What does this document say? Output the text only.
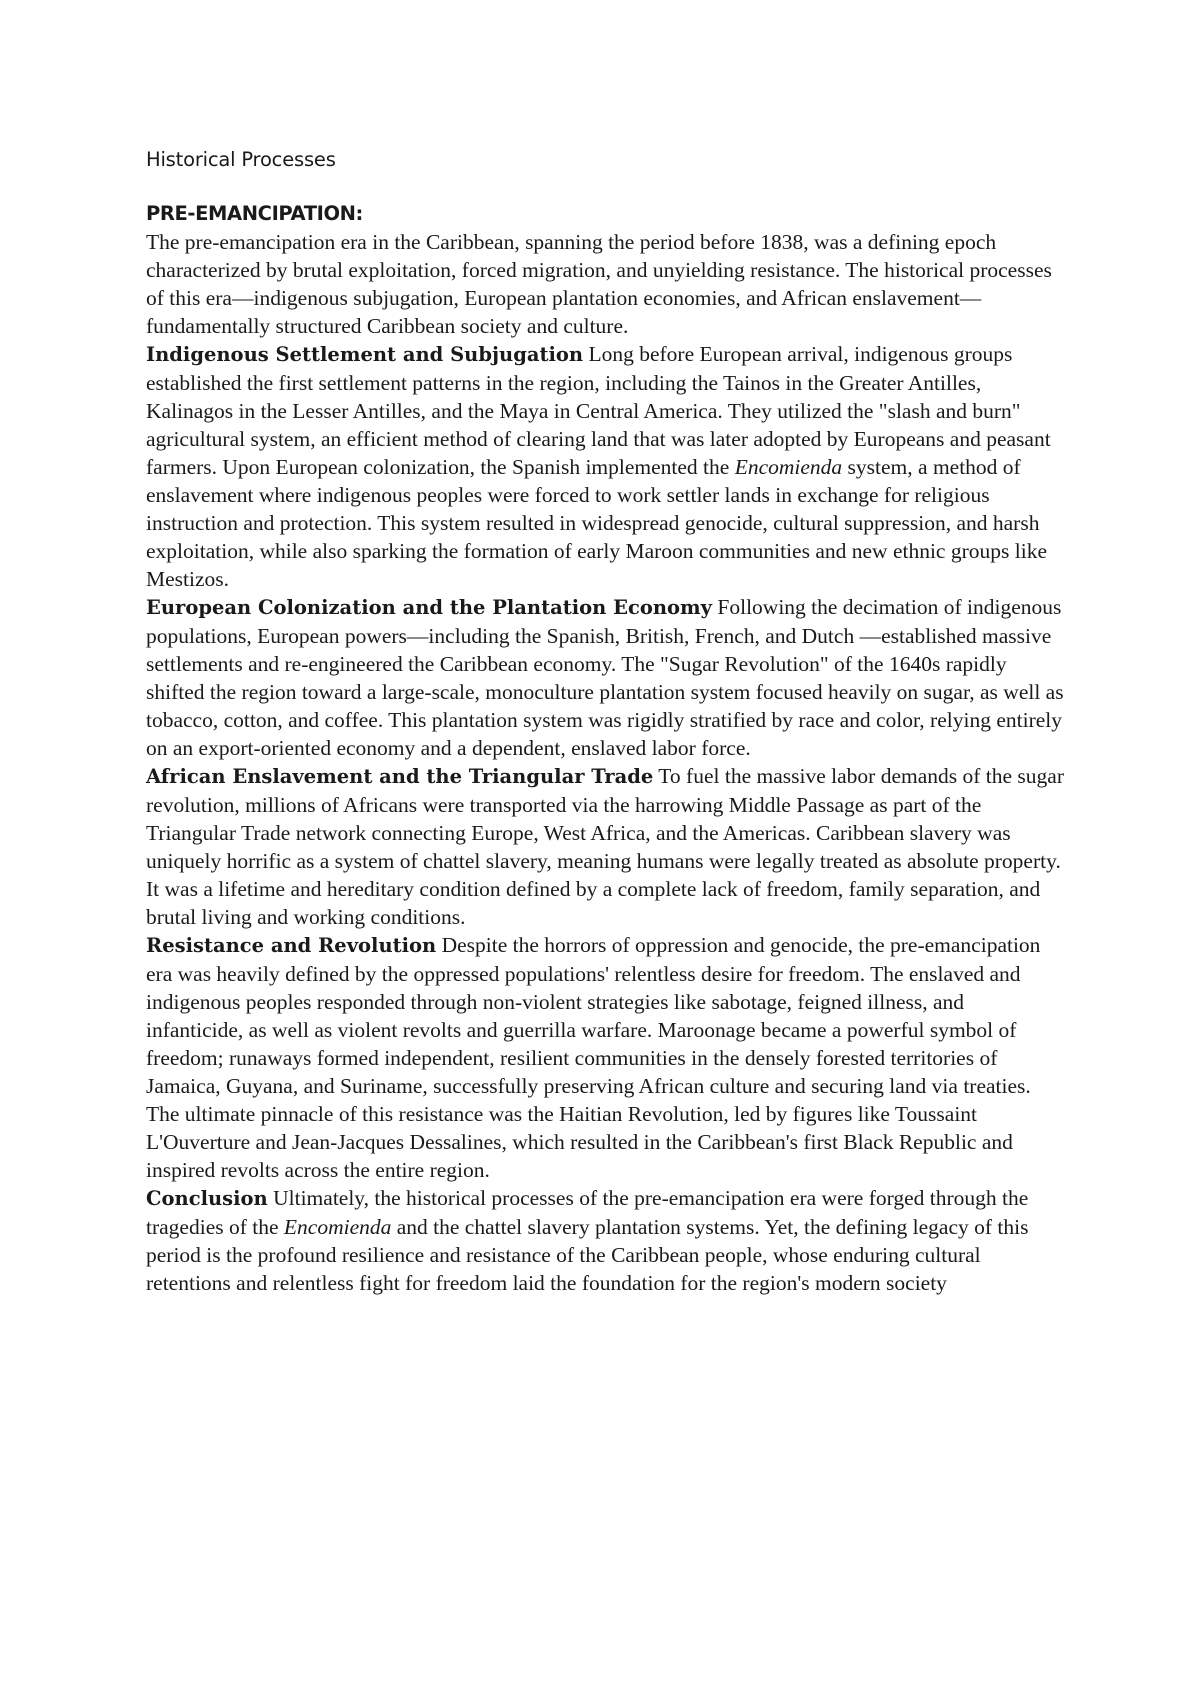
Historical Processes

PRE-EMANCIPATION:

The pre-emancipation era in the Caribbean, spanning the period before 1838, was a defining epoch characterized by brutal exploitation, forced migration, and unyielding resistance. The historical processes of this era—indigenous subjugation, European plantation economies, and African enslavement—fundamentally structured Caribbean society and culture.

Indigenous Settlement and Subjugation Long before European arrival, indigenous groups established the first settlement patterns in the region, including the Tainos in the Greater Antilles, Kalinagos in the Lesser Antilles, and the Maya in Central America. They utilized the "slash and burn" agricultural system, an efficient method of clearing land that was later adopted by Europeans and peasant farmers. Upon European colonization, the Spanish implemented the Encomienda system, a method of enslavement where indigenous peoples were forced to work settler lands in exchange for religious instruction and protection. This system resulted in widespread genocide, cultural suppression, and harsh exploitation, while also sparking the formation of early Maroon communities and new ethnic groups like Mestizos.

European Colonization and the Plantation Economy Following the decimation of indigenous populations, European powers—including the Spanish, British, French, and Dutch —established massive settlements and re-engineered the Caribbean economy. The "Sugar Revolution" of the 1640s rapidly shifted the region toward a large-scale, monoculture plantation system focused heavily on sugar, as well as tobacco, cotton, and coffee. This plantation system was rigidly stratified by race and color, relying entirely on an export-oriented economy and a dependent, enslaved labor force.

African Enslavement and the Triangular Trade To fuel the massive labor demands of the sugar revolution, millions of Africans were transported via the harrowing Middle Passage as part of the Triangular Trade network connecting Europe, West Africa, and the Americas. Caribbean slavery was uniquely horrific as a system of chattel slavery, meaning humans were legally treated as absolute property. It was a lifetime and hereditary condition defined by a complete lack of freedom, family separation, and brutal living and working conditions.

Resistance and Revolution Despite the horrors of oppression and genocide, the pre-emancipation era was heavily defined by the oppressed populations' relentless desire for freedom. The enslaved and indigenous peoples responded through non-violent strategies like sabotage, feigned illness, and infanticide, as well as violent revolts and guerrilla warfare. Maroonage became a powerful symbol of freedom; runaways formed independent, resilient communities in the densely forested territories of Jamaica, Guyana, and Suriname, successfully preserving African culture and securing land via treaties. The ultimate pinnacle of this resistance was the Haitian Revolution, led by figures like Toussaint L'Ouverture and Jean-Jacques Dessalines, which resulted in the Caribbean's first Black Republic and inspired revolts across the entire region.

Conclusion Ultimately, the historical processes of the pre-emancipation era were forged through the tragedies of the Encomienda and the chattel slavery plantation systems. Yet, the defining legacy of this period is the profound resilience and resistance of the Caribbean people, whose enduring cultural retentions and relentless fight for freedom laid the foundation for the region's modern society
